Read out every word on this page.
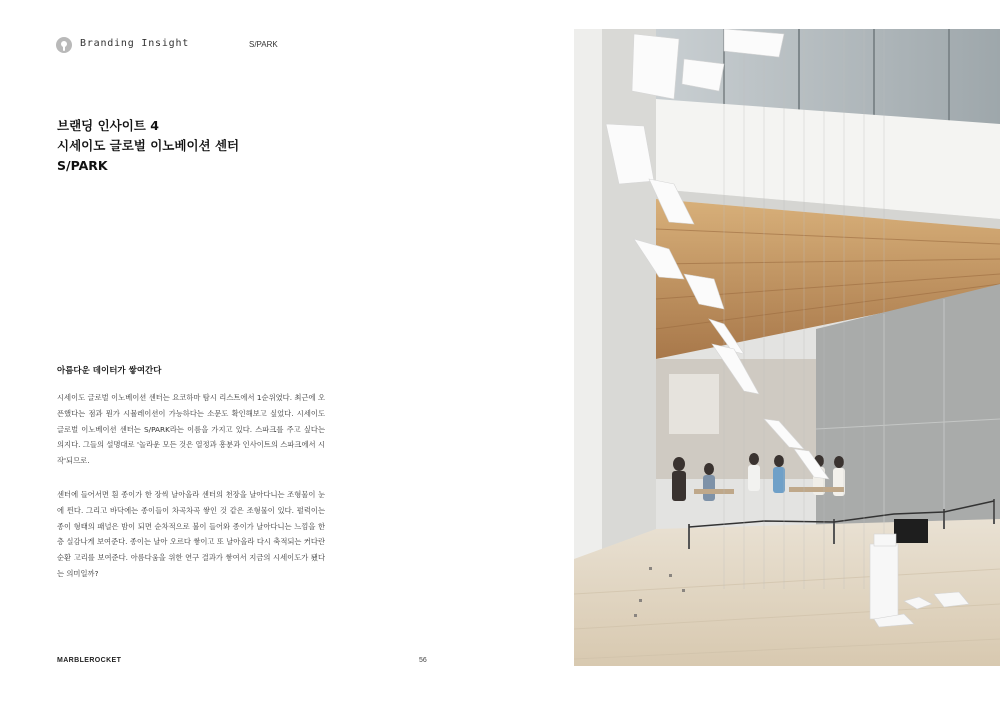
Branding Insight	S/PARK
브랜딩 인사이트 4
시세이도 글로벌 이노베이션 센터
S/PARK
아름다운 데이터가 쌓여간다
시세이도 글로벌 이노베이션 센터는 요코하마 탐시 리스트에서 1순위였다. 최근에 오픈했다는 점과 뭔가 시뮬레이션이 가능하다는 소문도 확인해보고 싶었다. 시세이도 글로벌 이노베이션 센터는 S/PARK라는 이름을 가지고 있다. 스파크를 주고 싶다는 의지다. 그들의 설명대로 '놀라운 모든 것은 열정과 흥분과 인사이트의 스파크에서 시작'되므로.
센터에 들어서면 흰 종이가 한 장씩 날아올라 센터의 천장을 날아다니는 조형물이 눈에 띈다. 그리고 바닥에는 종이들이 차곡차곡 쌓인 것 같은 조형물이 있다. 펄럭이는 종이 형태의 패널은 밤이 되면 순차적으로 불이 들어와 종이가 날아다니는 느낌을 한층 실감나게 보여준다. 종이는 날아 오르다 쌓이고 또 날아올라 다시 축적되는 커다란 순환 고리를 보여준다. 아름다움을 위한 연구 결과가 쌓여서 지금의 시세이도가 됐다는 의미일까?
MARBLEROCKET	56
